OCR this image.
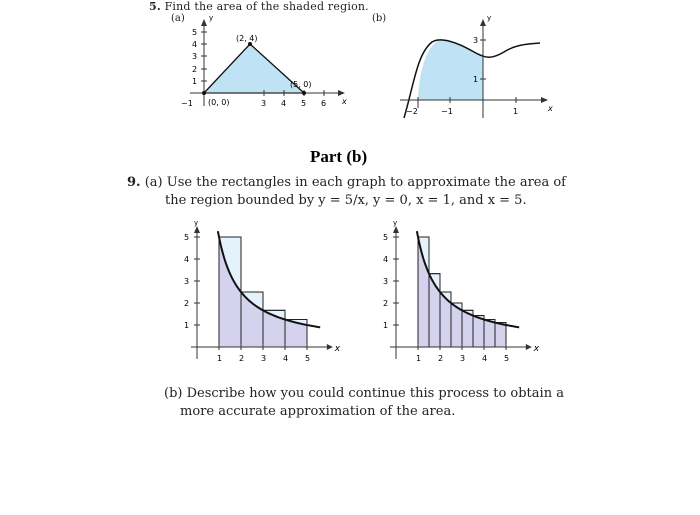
5. Find the area of the shaded region.
(a)	(b)
y
x
5
4
3
2
1
−1	3 4 5 6
(2, 4)
(5, 0)
(0, 0)
y
x
3
1
−2	−1	1
Part (b)
9. (a) Use the rectangles in each graph to approximate the area of
the region bounded by y = 5/x, y = 0, x = 1, and x = 5.
y
x
1
1
2
2
3
3
4
4
5
5
y
x
1
1
2
2
3
3
4
4
5
5
(b) Describe how you could continue this process to obtain a
more accurate approximation of the area.
